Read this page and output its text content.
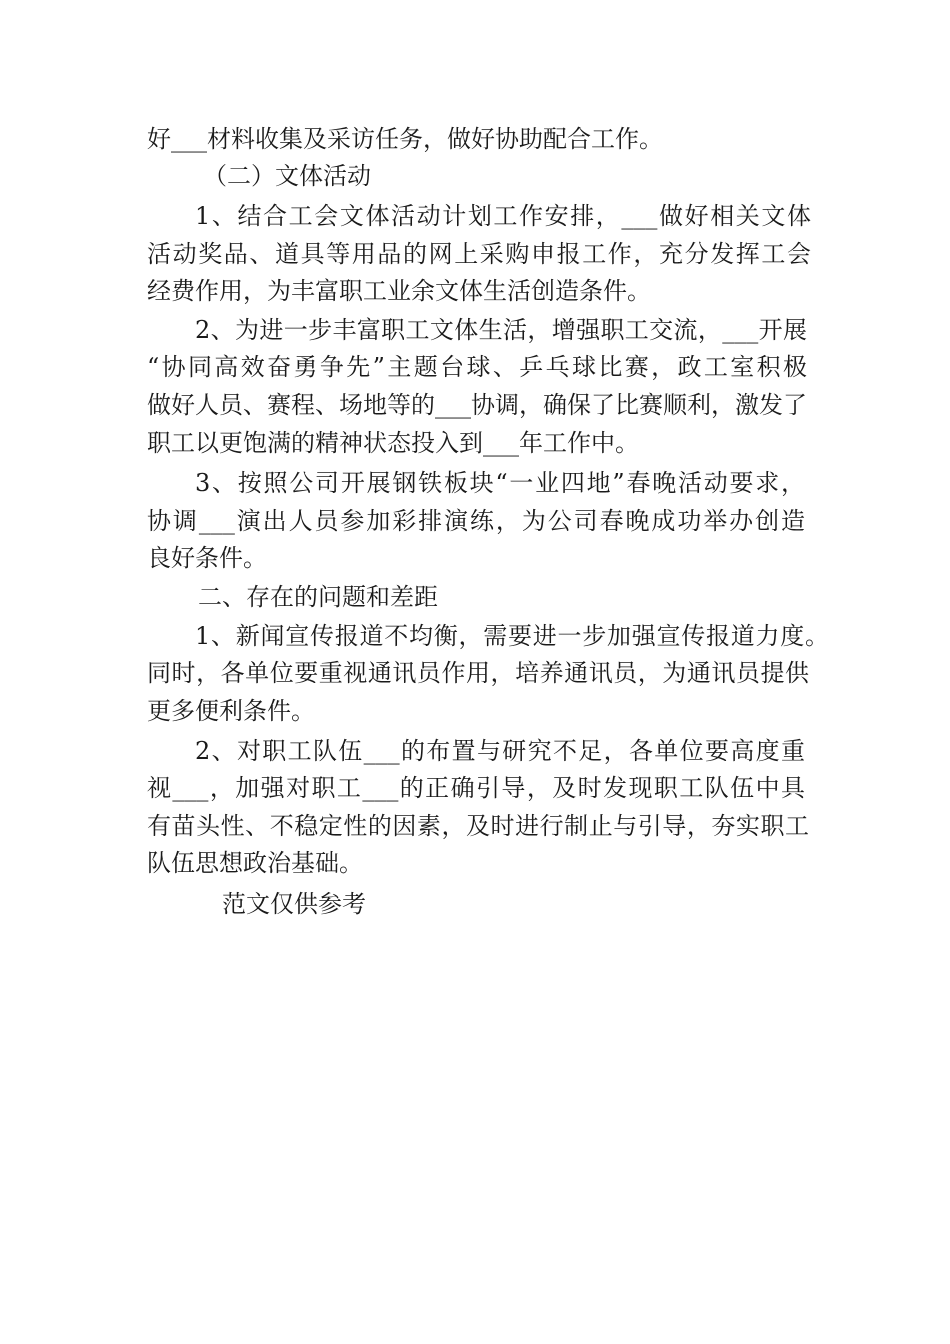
好___材料收集及采访任务，做好协助配合工作。
（二）文体活动
1、结合工会文体活动计划工作安排，___做好相关文体
活动奖品、道具等用品的网上采购申报工作，充分发挥工会
经费作用，为丰富职工业余文体生活创造条件。
2、为进一步丰富职工文体生活，增强职工交流，___开展
“协同高效奋勇争先”主题台球、乒乓球比赛，政工室积极
做好人员、赛程、场地等的___协调，确保了比赛顺利，激发了
职工以更饱满的精神状态投入到___年工作中。
3、按照公司开展钢铁板块“一业四地”春晚活动要求，
协调___演出人员参加彩排演练，为公司春晚成功举办创造
良好条件。
二、存在的问题和差距
1、新闻宣传报道不均衡，需要进一步加强宣传报道力度。
同时，各单位要重视通讯员作用，培养通讯员，为通讯员提供
更多便利条件。
2、对职工队伍___的布置与研究不足，各单位要高度重
视___，加强对职工___的正确引导，及时发现职工队伍中具
有苗头性、不稳定性的因素，及时进行制止与引导，夯实职工
队伍思想政治基础。
范文仅供参考
